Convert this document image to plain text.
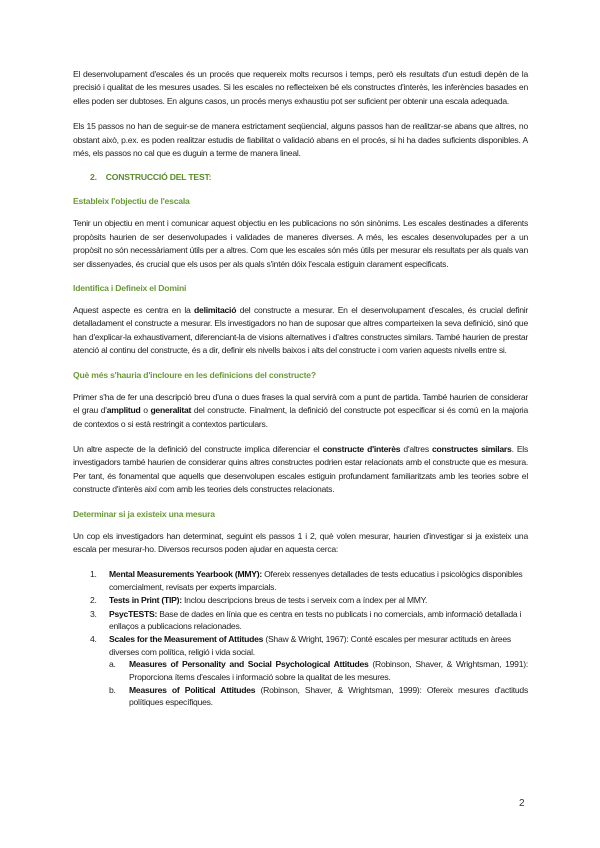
El desenvolupament d'escales és un procés que requereix molts recursos i temps, però els resultats d'un estudi depèn de la precisió i qualitat de les mesures usades. Si les escales no reflecteixen bé els constructes d'interès, les inferències basades en elles poden ser dubtoses. En alguns casos, un procés menys exhaustiu pot ser suficient per obtenir una escala adequada.

Els 15 passos no han de seguir-se de manera estrictament seqüencial, alguns passos han de realitzar-se abans que altres, no obstant això, p.ex. es poden realitzar estudis de fiabilitat o validació abans en el procés, si hi ha dades suficients disponibles. A més, els passos no cal que es duguin a terme de manera lineal.

2. CONSTRUCCIÓ DEL TEST:
Estableix l'objectiu de l'escala

Tenir un objectiu en ment i comunicar aquest objectiu en les publicacions no són sinònims. Les escales destinades a diferents propòsits haurien de ser desenvolupades i validades de maneres diverses. A més, les escales desenvolupades per a un propòsit no són necessàriament útils per a altres. Com que les escales són més útils per mesurar els resultats per als quals van ser dissenyades, és crucial que els usos per als quals s'intén dóix l'escala estiguin clarament especificats.

Identifica i Defineix el Domini

Aquest aspecte es centra en la delimitació del constructe a mesurar. En el desenvolupament d'escales, és crucial definir detalladament el constructe a mesurar. Els investigadors no han de suposar que altres comparteixen la seva definició, sinó que han d'explicar-la exhaustivament, diferenciant-la de visions alternatives i d'altres constructes similars. També haurien de prestar atenció al continu del constructe, és a dir, definir els nivells baixos i alts del constructe i com varien aquests nivells entre si.

Què més s'hauria d'incloure en les definicions del constructe?

Primer s'ha de fer una descripció breu d'una o dues frases la qual servirà com a punt de partida. També haurien de considerar el grau d'amplitud o generalitat del constructe. Finalment, la definició del constructe pot especificar si és comú en la majoria de contextos o si està restringit a contextos particulars.

Un altre aspecte de la definició del constructe implica diferenciar el constructe d'interès d'altres constructes similars. Els investigadors també haurien de considerar quins altres constructes podrien estar relacionats amb el constructe que es mesura. Per tant, és fonamental que aquells que desenvolupen escales estiguin profundament familiaritzats amb les teories sobre el constructe d'interès així com amb les teories dels constructes relacionats.

Determinar si ja existeix una mesura

Un cop els investigadors han determinat, seguint els passos 1 i 2, què volen mesurar, haurien d'investigar si ja existeix una escala per mesurar-ho. Diversos recursos poden ajudar en aquesta cerca:

1. Mental Measurements Yearbook (MMY): Ofereix ressenyes detallades de tests educatius i psicològics disponibles comercialment, revisats per experts imparcials.
2. Tests in Print (TIP): Inclou descripcions breus de tests i serveix com a índex per al MMY.
3. PsycTESTS: Base de dades en línia que es centra en tests no publicats i no comercials, amb informació detallada i enllaços a publicacions relacionades.
4. Scales for the Measurement of Attitudes (Shaw & Wright, 1967): Conté escales per mesurar actituds en àrees diverses com política, religió i vida social.
a. Measures of Personality and Social Psychological Attitudes (Robinson, Shaver, & Wrightsman, 1991): Proporciona ítems d'escales i informació sobre la qualitat de les mesures.
b. Measures of Political Attitudes (Robinson, Shaver, & Wrightsman, 1999): Ofereix mesures d'actituds polítiques específiques.
2
